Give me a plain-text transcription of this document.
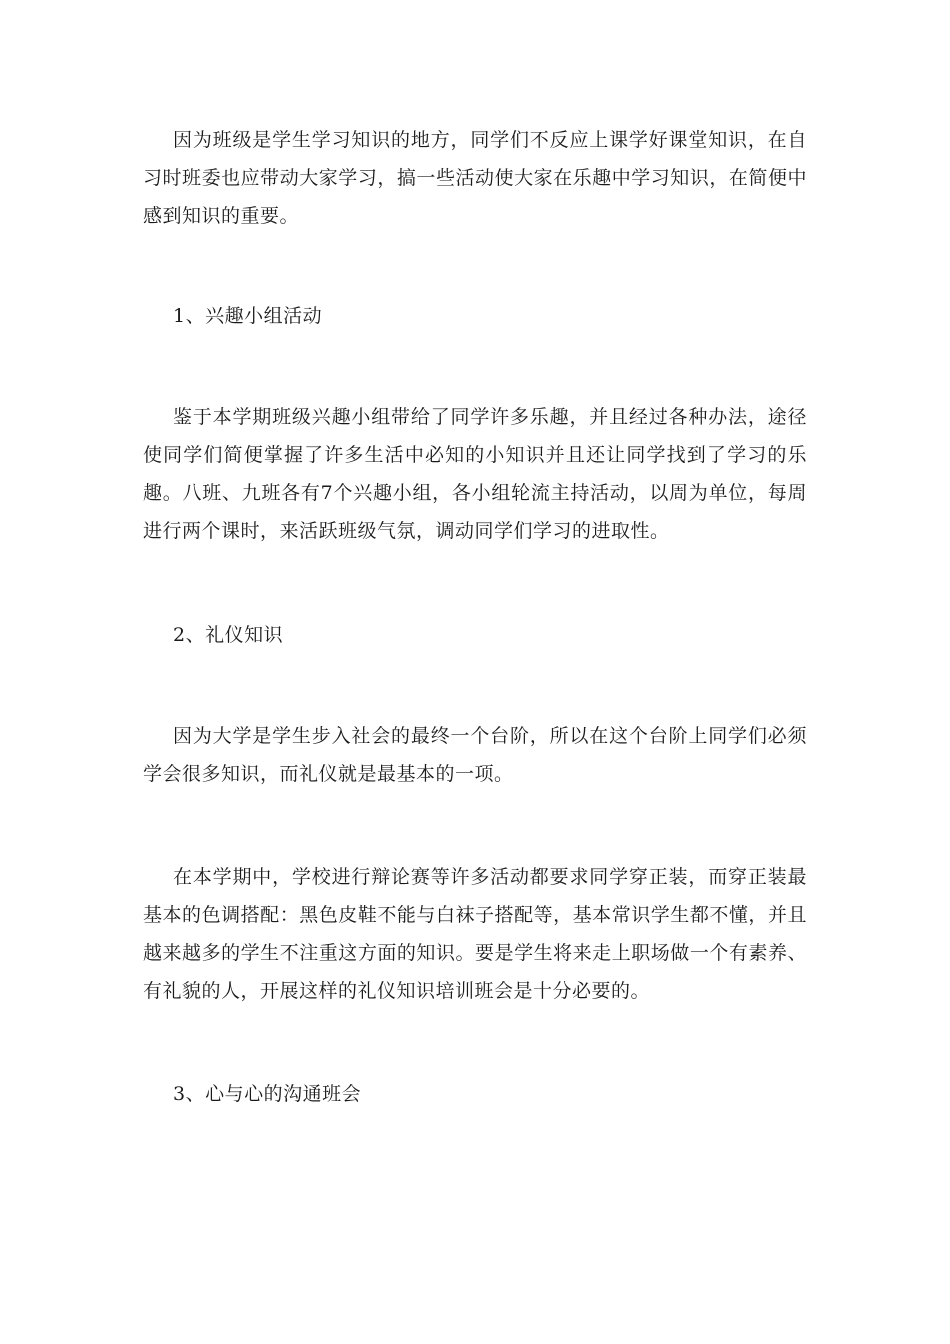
因为班级是学生学习知识的地方，同学们不反应上课学好课堂知识，在自习时班委也应带动大家学习，搞一些活动使大家在乐趣中学习知识，在简便中感到知识的重要。

1、兴趣小组活动

鉴于本学期班级兴趣小组带给了同学许多乐趣，并且经过各种办法，途径使同学们简便掌握了许多生活中必知的小知识并且还让同学找到了学习的乐趣。八班、九班各有7个兴趣小组，各小组轮流主持活动，以周为单位，每周进行两个课时，来活跃班级气氛，调动同学们学习的进取性。

2、礼仪知识

因为大学是学生步入社会的最终一个台阶，所以在这个台阶上同学们必须学会很多知识，而礼仪就是最基本的一项。

在本学期中，学校进行辩论赛等许多活动都要求同学穿正装，而穿正装最基本的色调搭配：黑色皮鞋不能与白袜子搭配等，基本常识学生都不懂，并且越来越多的学生不注重这方面的知识。要是学生将来走上职场做一个有素养、有礼貌的人，开展这样的礼仪知识培训班会是十分必要的。

3、心与心的沟通班会
